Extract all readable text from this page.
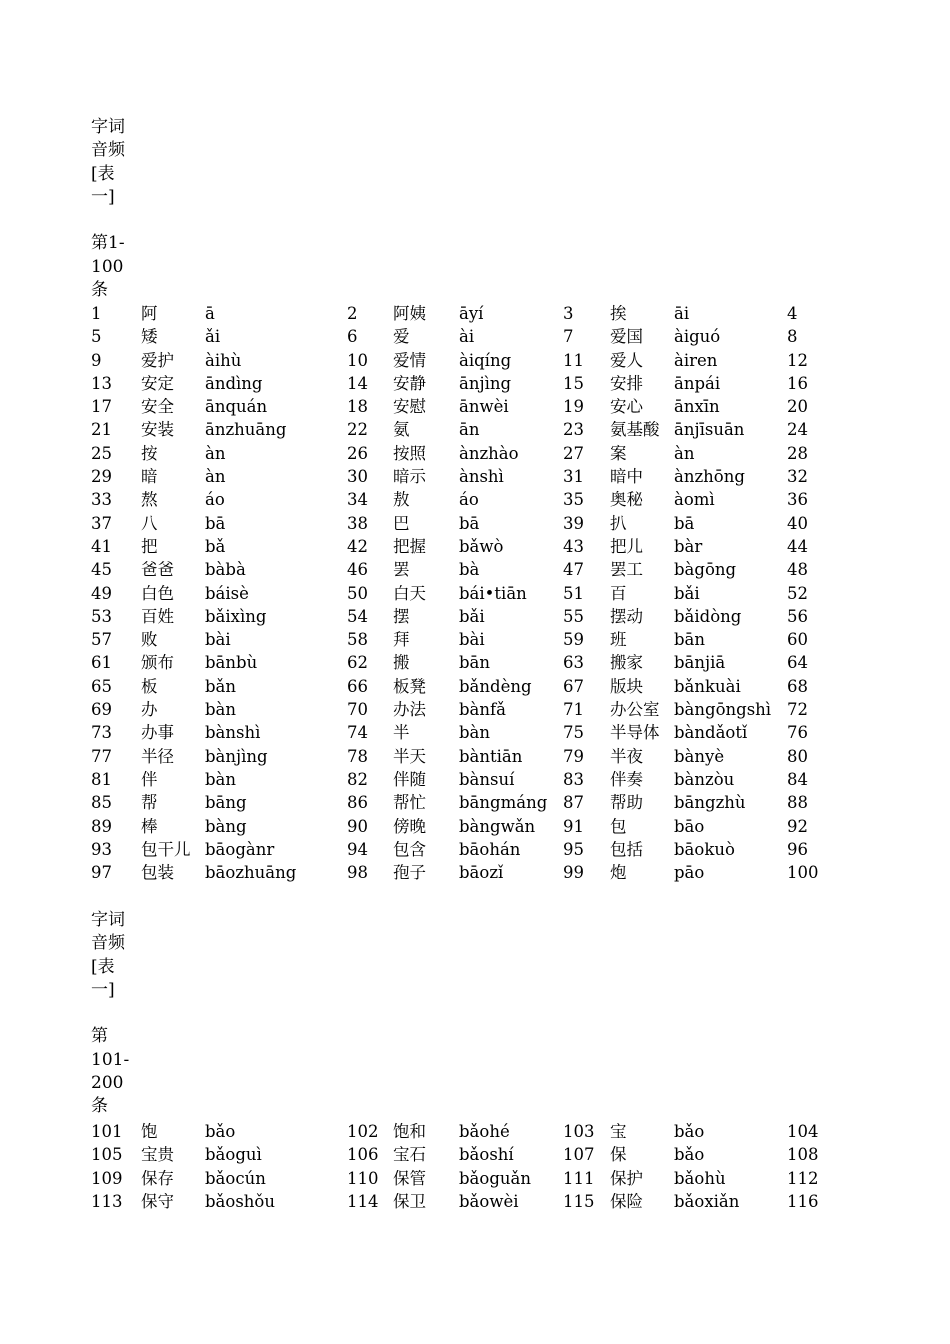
字词
音频
[表
一]
第1-
100
条
1	阿	ā	2	阿姨	āyí	3	挨	āi	4
5	矮	ǎi	6	爱	ài	7	爱国	àiguó	8
9	爱护	àihù	10	爱情	àiqíng	11	爱人	àiren	12
13	安定	āndìng	14	安静	ānjìng	15	安排	ānpái	16
17	安全	ānquán	18	安慰	ānwèi	19	安心	ānxīn	20
21	安装	ānzhuāng	22	氨	ān	23	氨基酸	ānjīsuān	24
25	按	àn	26	按照	ànzhào	27	案	àn	28
29	暗	àn	30	暗示	ànshì	31	暗中	ànzhōng	32
33	熬	áo	34	敖	áo	35	奥秘	àomì	36
37	八	bā	38	巴	bā	39	扒	bā	40
41	把	bǎ	42	把握	bǎwò	43	把儿	bàr	44
45	爸爸	bàbà	46	罢	bà	47	罢工	bàgōng	48
49	白色	báisè	50	白天	bái•tiān	51	百	bǎi	52
53	百姓	bǎixìng	54	摆	bǎi	55	摆动	bǎidòng	56
57	败	bài	58	拜	bài	59	班	bān	60
61	颁布	bānbù	62	搬	bān	63	搬家	bānjiā	64
65	板	bǎn	66	板凳	bǎndèng	67	版块	bǎnkuài	68
69	办	bàn	70	办法	bànfǎ	71	办公室	bàngōngshì	72
73	办事	bànshì	74	半	bàn	75	半导体	bàndǎotǐ	76
77	半径	bànjìng	78	半天	bàntiān	79	半夜	bànyè	80
81	伴	bàn	82	伴随	bànsuí	83	伴奏	bànzòu	84
85	帮	bāng	86	帮忙	bāngmáng	87	帮助	bāngzhù	88
89	棒	bàng	90	傍晚	bàngwǎn	91	包	bāo	92
93	包干儿	bāogànr	94	包含	bāohán	95	包括	bāokuò	96
97	包装	bāozhuāng	98	孢子	bāozǐ	99	炮	pāo	100
字词
音频
[表
一]
第
101-
200
条
101	饱	bǎo	102	饱和	bǎohé	103	宝	bǎo	104
105	宝贵	bǎoguì	106	宝石	bǎoshí	107	保	bǎo	108
109	保存	bǎocún	110	保管	bǎoguǎn	111	保护	bǎohù	112
113	保守	bǎoshǒu	114	保卫	bǎowèi	115	保险	bǎoxiǎn	116
